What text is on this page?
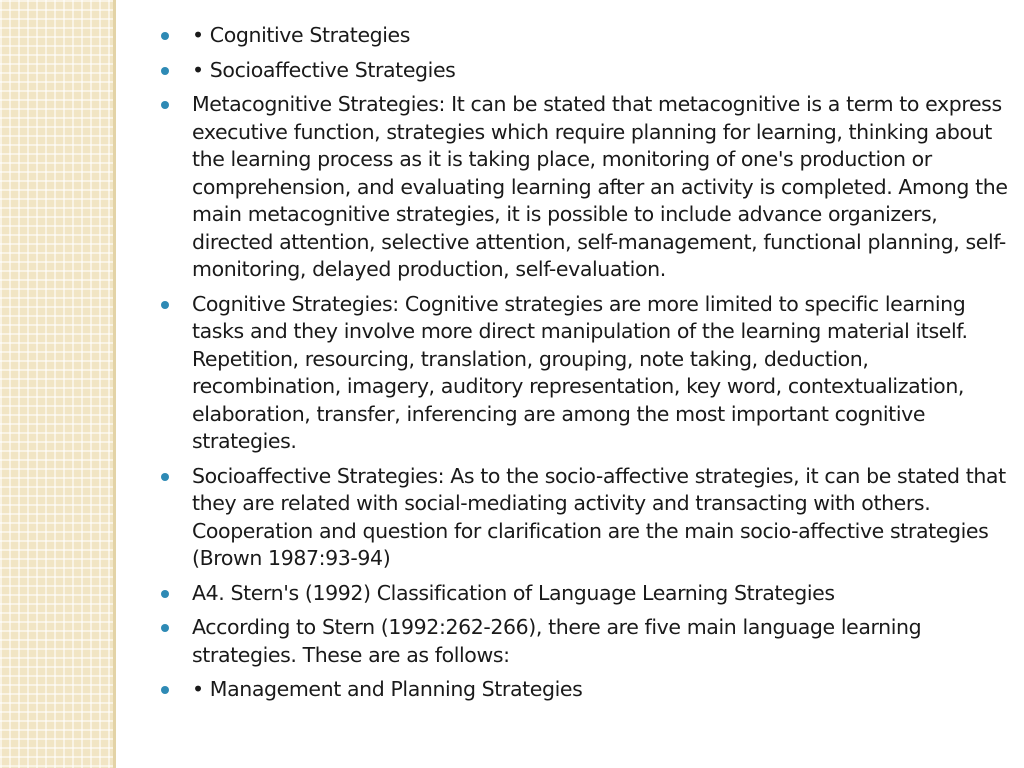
• Cognitive Strategies
• Socioaffective Strategies
Metacognitive Strategies: It can be stated that metacognitive is a term to express executive function, strategies which require planning for learning, thinking about the learning process as it is taking place, monitoring of one's production or comprehension, and evaluating learning after an activity is completed. Among the main metacognitive strategies, it is possible to include advance organizers, directed attention, selective attention, self-management, functional planning, self-monitoring, delayed production, self-evaluation.
Cognitive Strategies: Cognitive strategies are more limited to specific learning tasks and they involve more direct manipulation of the learning material itself. Repetition, resourcing, translation, grouping, note taking, deduction, recombination, imagery, auditory representation, key word, contextualization, elaboration, transfer, inferencing are among the most important cognitive strategies.
Socioaffective Strategies: As to the socio-affective strategies, it can be stated that they are related with social-mediating activity and transacting with others. Cooperation and question for clarification are the main socio-affective strategies (Brown 1987:93-94)
A4. Stern's (1992) Classification of Language Learning Strategies
According to Stern (1992:262-266), there are five main language learning strategies. These are as follows:
• Management and Planning Strategies
